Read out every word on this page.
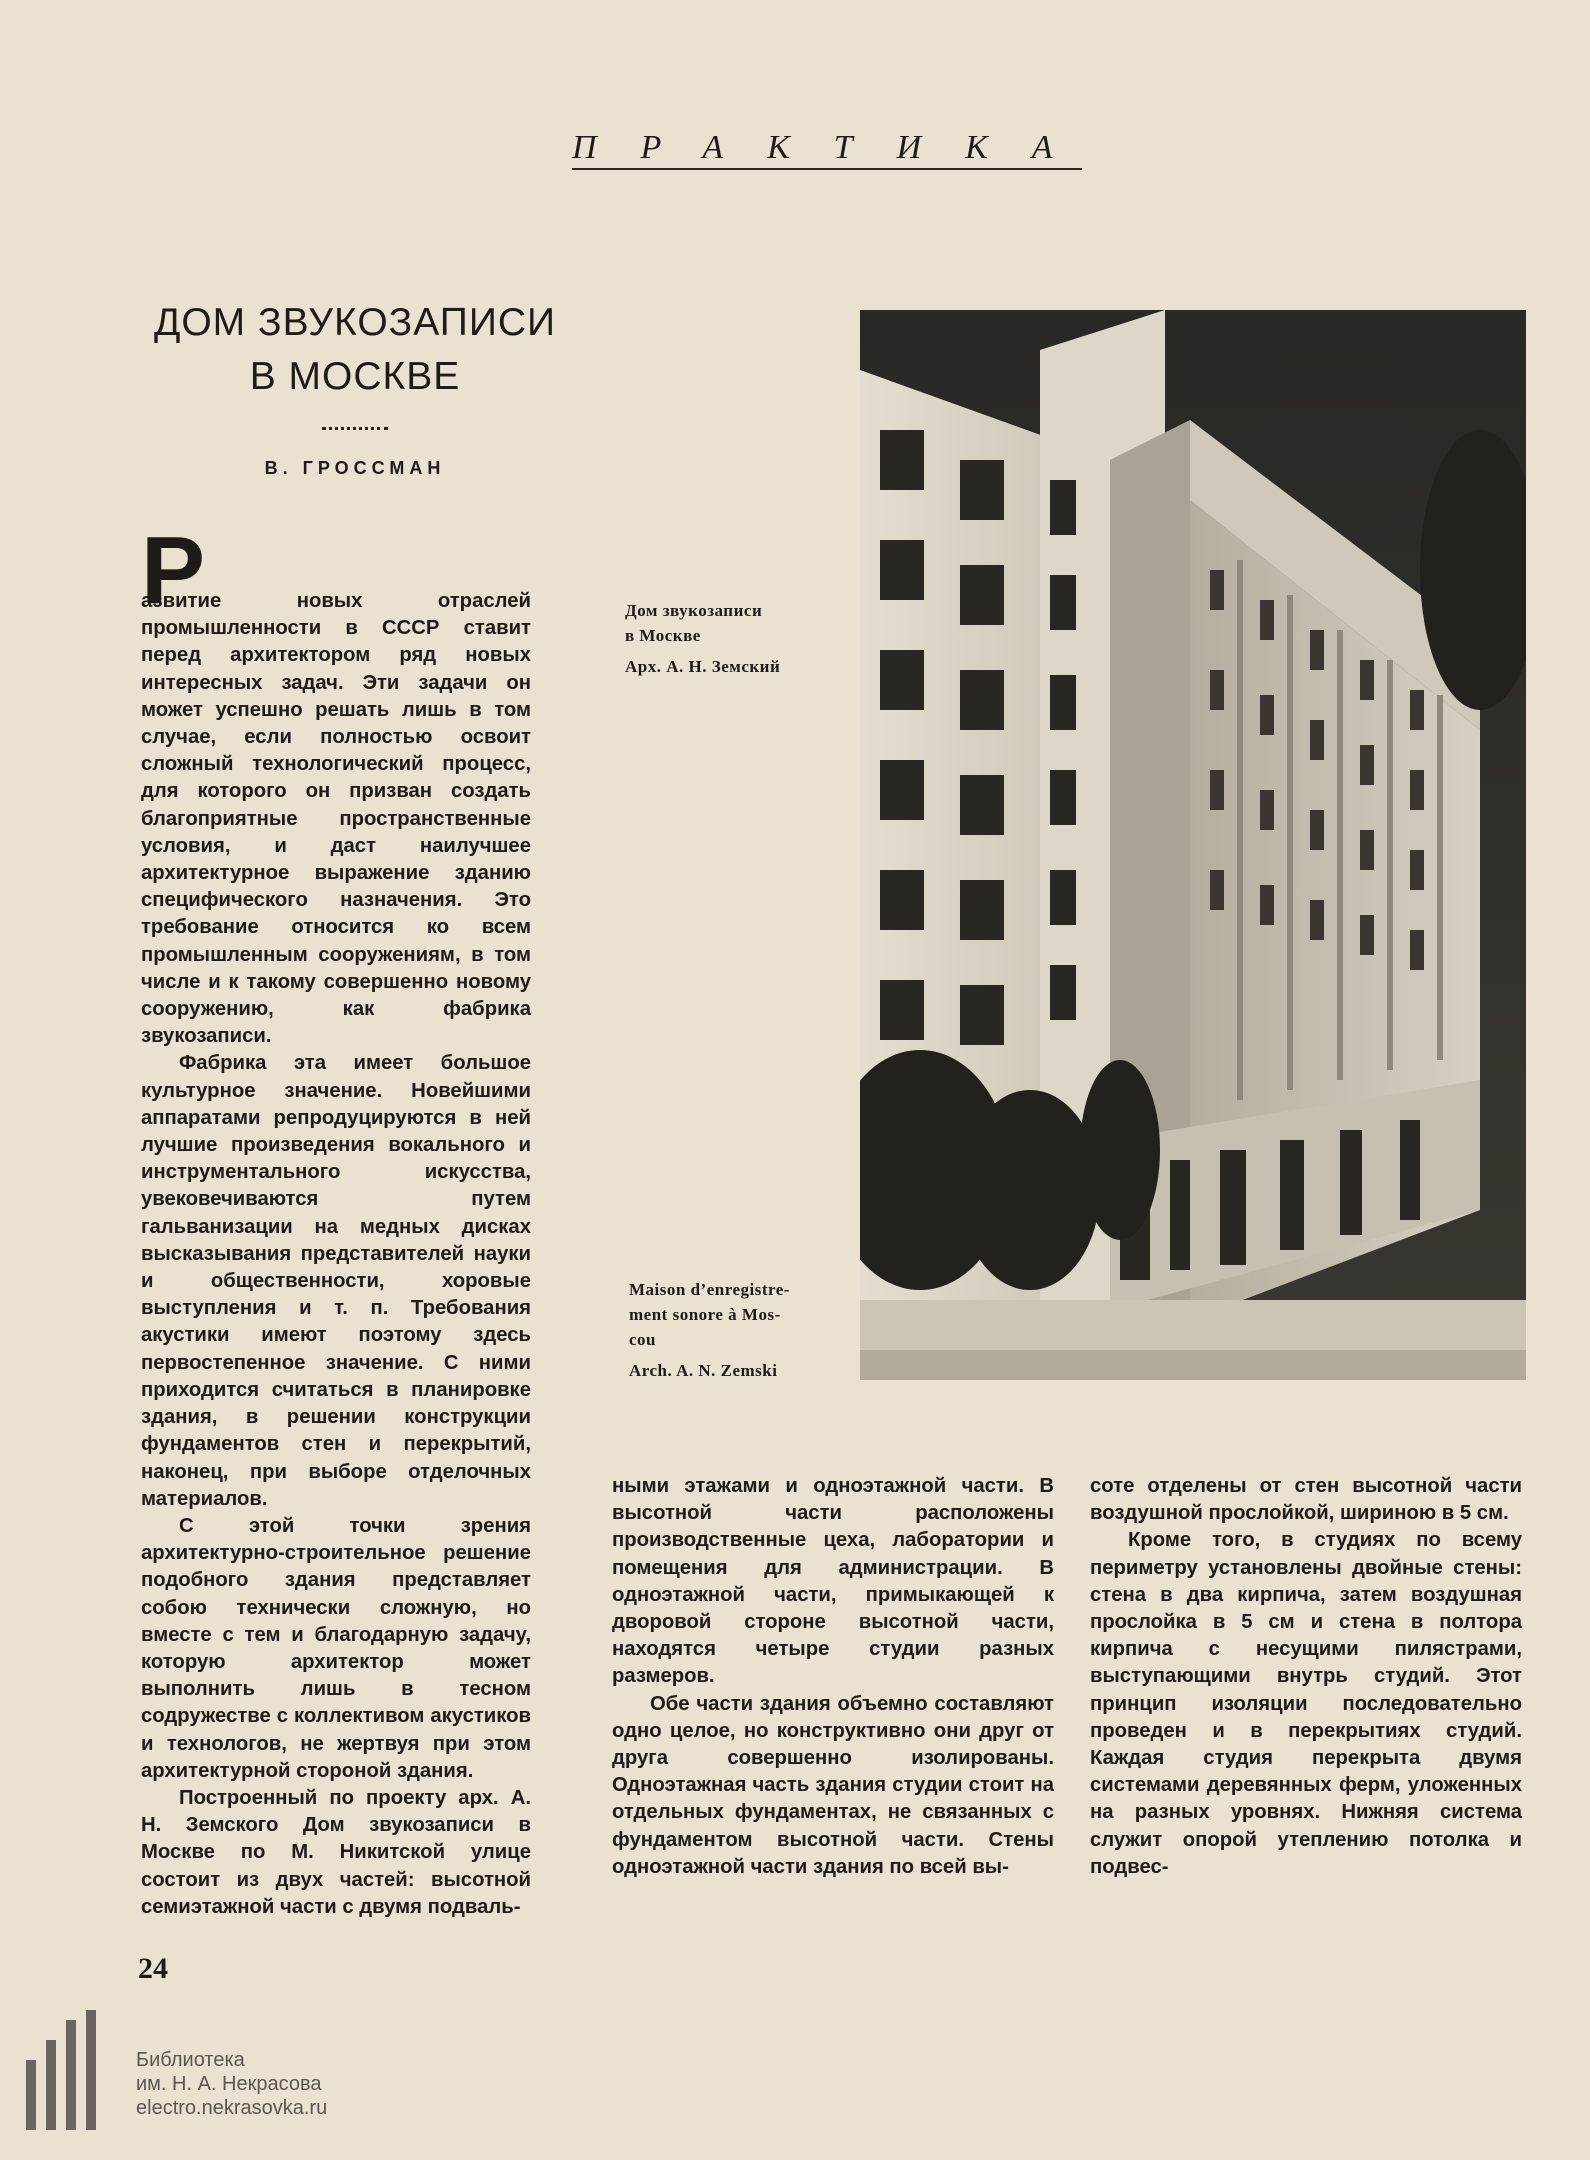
ПРАКТИКА
ДОМ ЗВУКОЗАПИСИ
В МОСКВЕ
В. ГРОССМАН
Р

азвитие новых отраслей промышленности в СССР ставит перед архитектором ряд новых интересных задач. Эти задачи он может успешно решать лишь в том случае, если полностью освоит сложный технологический процесс, для которого он призван создать благоприятные пространственные условия, и даст наилучшее архитектурное выражение зданию специфического назначения. Это требование относится ко всем промышленным сооружениям, в том числе и к такому совершенно новому сооружению, как фабрика звукозаписи.

Фабрика эта имеет большое культурное значение. Новейшими аппаратами репродуцируются в ней лучшие произведения вокального и инструментального искусства, увековечиваются путем гальванизации на медных дисках высказывания представителей науки и общественности, хоровые выступления и т. п. Требования акустики имеют поэтому здесь первостепенное значение. С ними приходится считаться в планировке здания, в решении конструкции фундаментов стен и перекрытий, наконец, при выборе отделочных материалов.

С этой точки зрения архитектурно-строительное решение подобного здания представляет собою технически сложную, но вместе с тем и благодарную задачу, которую архитектор может выполнить лишь в тесном содружестве с коллективом акустиков и технологов, не жертвуя при этом архитектурной стороной здания.

Построенный по проекту арх. А. Н. Земского Дом звукозаписи в Москве по М. Никитской улице состоит из двух частей: высотной семиэтажной части с двумя подваль-

Дом звукозаписи
в Москве
Арх. А. Н. Земский
Maison d’enregistre-
ment sonore à Mos-
cou
Arch. A. N. Zemski

ными этажами и одноэтажной части. В высотной части расположены производственные цеха, лаборатории и помещения для администрации. В одноэтажной части, примыкающей к дворовой стороне высотной части, находятся четыре студии разных размеров.

Обе части здания объемно составляют одно целое, но конструктивно они друг от друга совершенно изолированы. Одноэтажная часть здания студии стоит на отдельных фундаментах, не связанных с фундаментом высотной части. Стены одноэтажной части здания по всей вы-

соте отделены от стен высотной части воздушной прослойкой, шириною в 5 см.

Кроме того, в студиях по всему периметру установлены двойные стены: стена в два кирпича, затем воздушная прослойка в 5 см и стена в полтора кирпича с несущими пилястрами, выступающими внутрь студий. Этот принцип изоляции последовательно проведен и в перекрытиях студий. Каждая студия перекрыта двумя системами деревянных ферм, уложенных на разных уровнях. Нижняя система служит опорой утеплению потолка и подвес-

24
Библиотека
им. Н. А. Некрасова
electro.nekrasovka.ru
